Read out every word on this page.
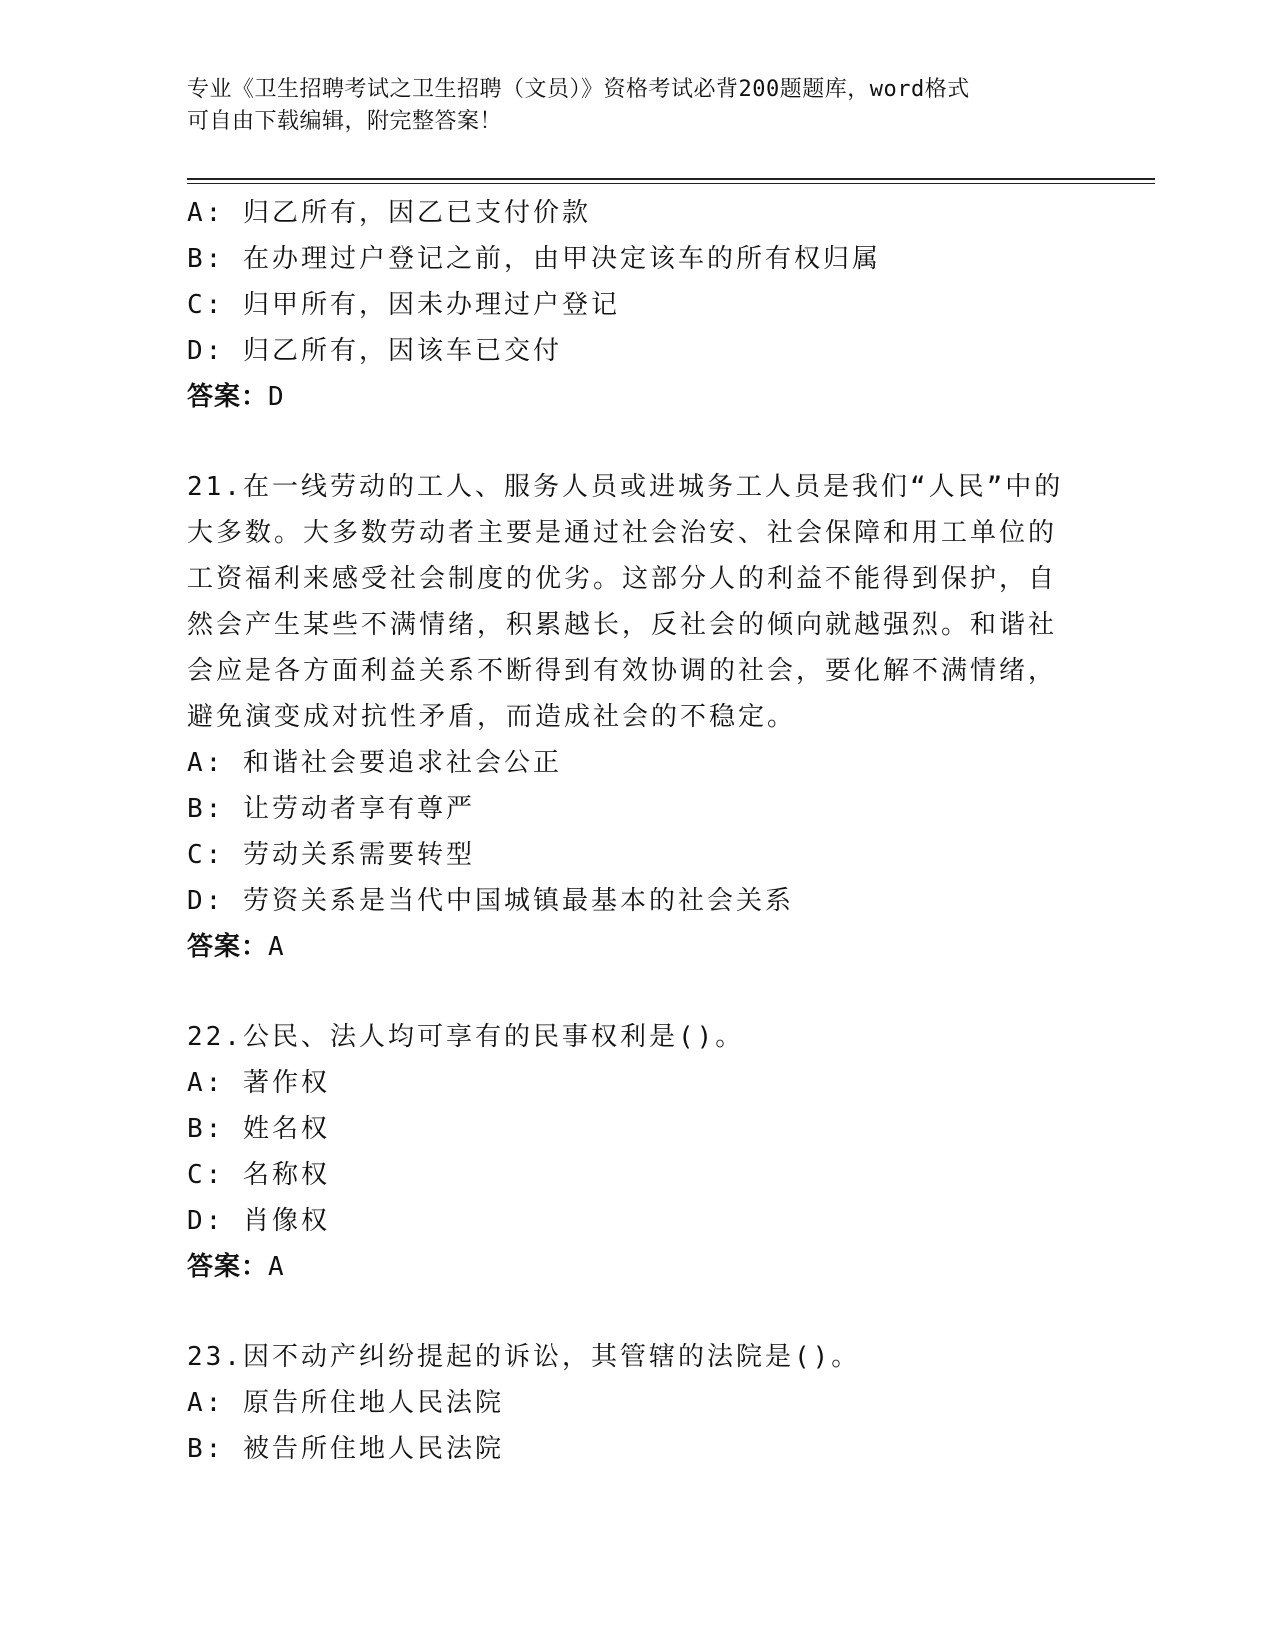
专业《卫生招聘考试之卫生招聘（文员）》资格考试必背200题题库，word格式
可自由下载编辑，附完整答案！
A: 归乙所有，因乙已支付价款
B: 在办理过户登记之前，由甲决定该车的所有权归属
C: 归甲所有，因未办理过户登记
D: 归乙所有，因该车已交付
答案：D
21.在一线劳动的工人、服务人员或进城务工人员是我们“人民”中的
大多数。大多数劳动者主要是通过社会治安、社会保障和用工单位的
工资福利来感受社会制度的优劣。这部分人的利益不能得到保护，自
然会产生某些不满情绪，积累越长，反社会的倾向就越强烈。和谐社
会应是各方面利益关系不断得到有效协调的社会，要化解不满情绪，
避免演变成对抗性矛盾，而造成社会的不稳定。
A: 和谐社会要追求社会公正
B: 让劳动者享有尊严
C: 劳动关系需要转型
D: 劳资关系是当代中国城镇最基本的社会关系
答案：A
22.公民、法人均可享有的民事权利是()。
A: 著作权
B: 姓名权
C: 名称权
D: 肖像权
答案：A
23.因不动产纠纷提起的诉讼，其管辖的法院是()。
A: 原告所住地人民法院
B: 被告所住地人民法院
